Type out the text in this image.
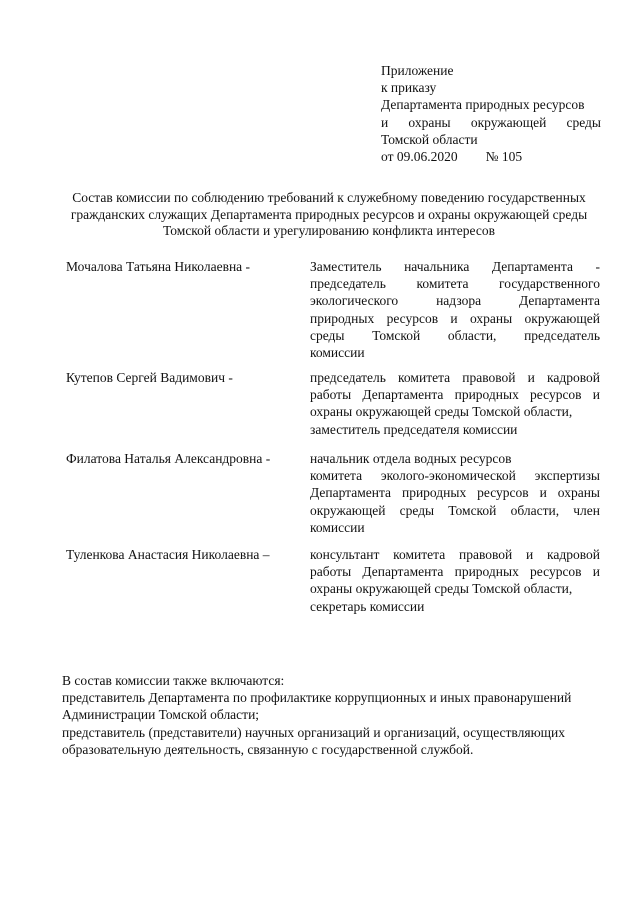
Приложение
к приказу
Департамента природных ресурсов
и охраны окружающей среды
Томской области
от 09.06.2020 № 105
Состав комиссии по соблюдению требований к служебному поведению государственных
гражданских служащих Департамента природных ресурсов и охраны окружающей среды
Томской области и урегулированию конфликта интересов
Мочалова Татьяна Николаевна -	Заместитель начальника Департамента -
председатель комитета государственного
экологического надзора Департамента
природных ресурсов и охраны окружающей
среды Томской области, председатель
комиссии
Кутепов Сергей Вадимович -	председатель комитета правовой и кадровой
работы Департамента природных ресурсов и
охраны окружающей среды Томской области,
заместитель председателя комиссии
Филатова Наталья Александровна -	начальник отдела водных ресурсов
комитета эколого-экономической экспертизы
Департамента природных ресурсов и охраны
окружающей среды Томской области, член
комиссии
Туленкова Анастасия Николаевна –	консультант комитета правовой и кадровой
работы Департамента природных ресурсов и
охраны окружающей среды Томской области,
секретарь комиссии
В состав комиссии также включаются:
представитель Департамента по профилактике коррупционных и иных правонарушений
Администрации Томской области;
представитель (представители) научных организаций и организаций, осуществляющих
образовательную деятельность, связанную с государственной службой.
